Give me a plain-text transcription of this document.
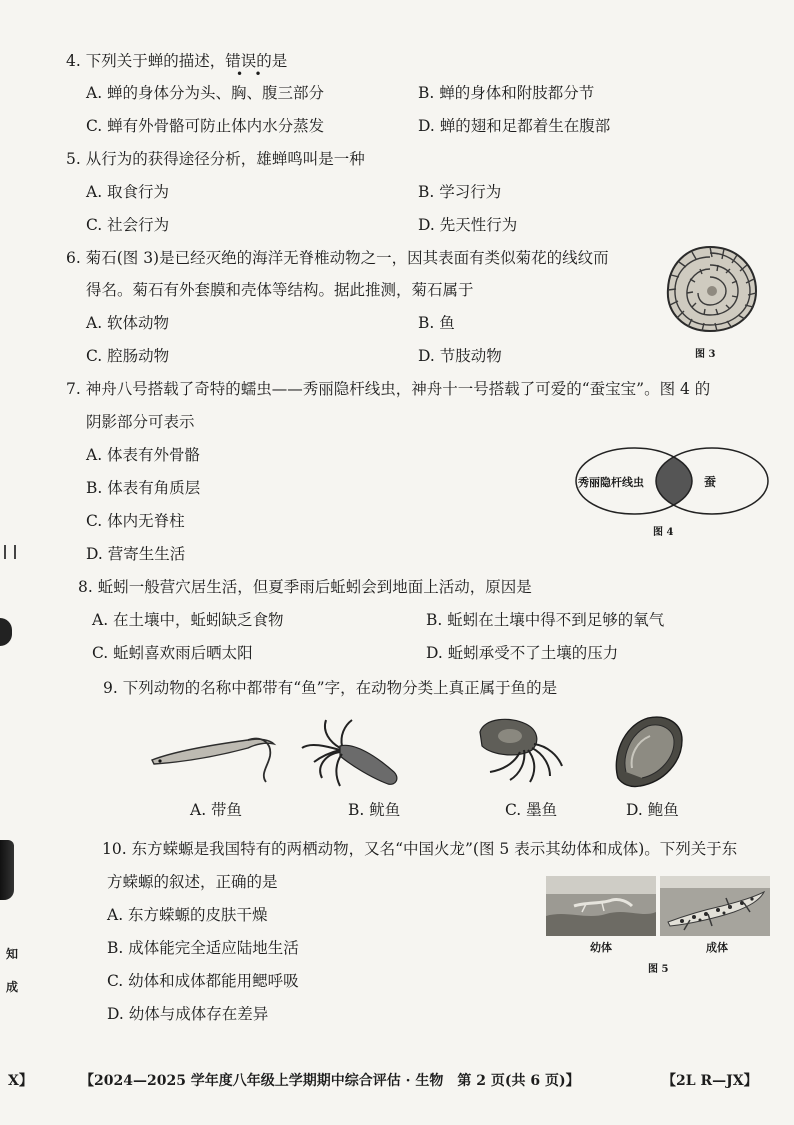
4. 下列关于蝉的描述，错误的是
•   •
A. 蝉的身体分为头、胸、腹三部分	B. 蝉的身体和附肢都分节
C. 蝉有外骨骼可防止体内水分蒸发	D. 蝉的翅和足都着生在腹部
5. 从行为的获得途径分析，雄蝉鸣叫是一种
A. 取食行为	B. 学习行为
C. 社会行为	D. 先天性行为
6. 菊石(图 3)是已经灭绝的海洋无脊椎动物之一，因其表面有类似菊花的线纹而
得名。菊石有外套膜和壳体等结构。据此推测，菊石属于
A. 软体动物	B. 鱼
C. 腔肠动物	D. 节肢动物	图 3
7. 神舟八号搭载了奇特的蠕虫——秀丽隐杆线虫，神舟十一号搭载了可爱的“蚕宝宝”。图 4 的
阴影部分可表示
A. 体表有外骨骼
B. 体表有角质层
C. 体内无脊柱
D. 营寄生生活
秀丽隐杆线虫	蚕
图 4
8. 蚯蚓一般营穴居生活，但夏季雨后蚯蚓会到地面上活动，原因是
A. 在土壤中，蚯蚓缺乏食物	B. 蚯蚓在土壤中得不到足够的氧气
C. 蚯蚓喜欢雨后晒太阳	D. 蚯蚓承受不了土壤的压力
9. 下列动物的名称中都带有“鱼”字，在动物分类上真正属于鱼的是
A. 带鱼	B. 鱿鱼	C. 墨鱼	D. 鲍鱼
10. 东方蝾螈是我国特有的两栖动物，又名“中国火龙”(图 5 表示其幼体和成体)。下列关于东
方蝾螈的叙述，正确的是
A. 东方蝾螈的皮肤干燥
B. 成体能完全适应陆地生活
C. 幼体和成体都能用鳃呼吸
D. 幼体与成体存在差异
幼体	成体
图 5
知
成
X】	【2024—2025 学年度八年级上学期期中综合评估 · 生物　第 2 页(共 6 页)】	【2L R—JX】
